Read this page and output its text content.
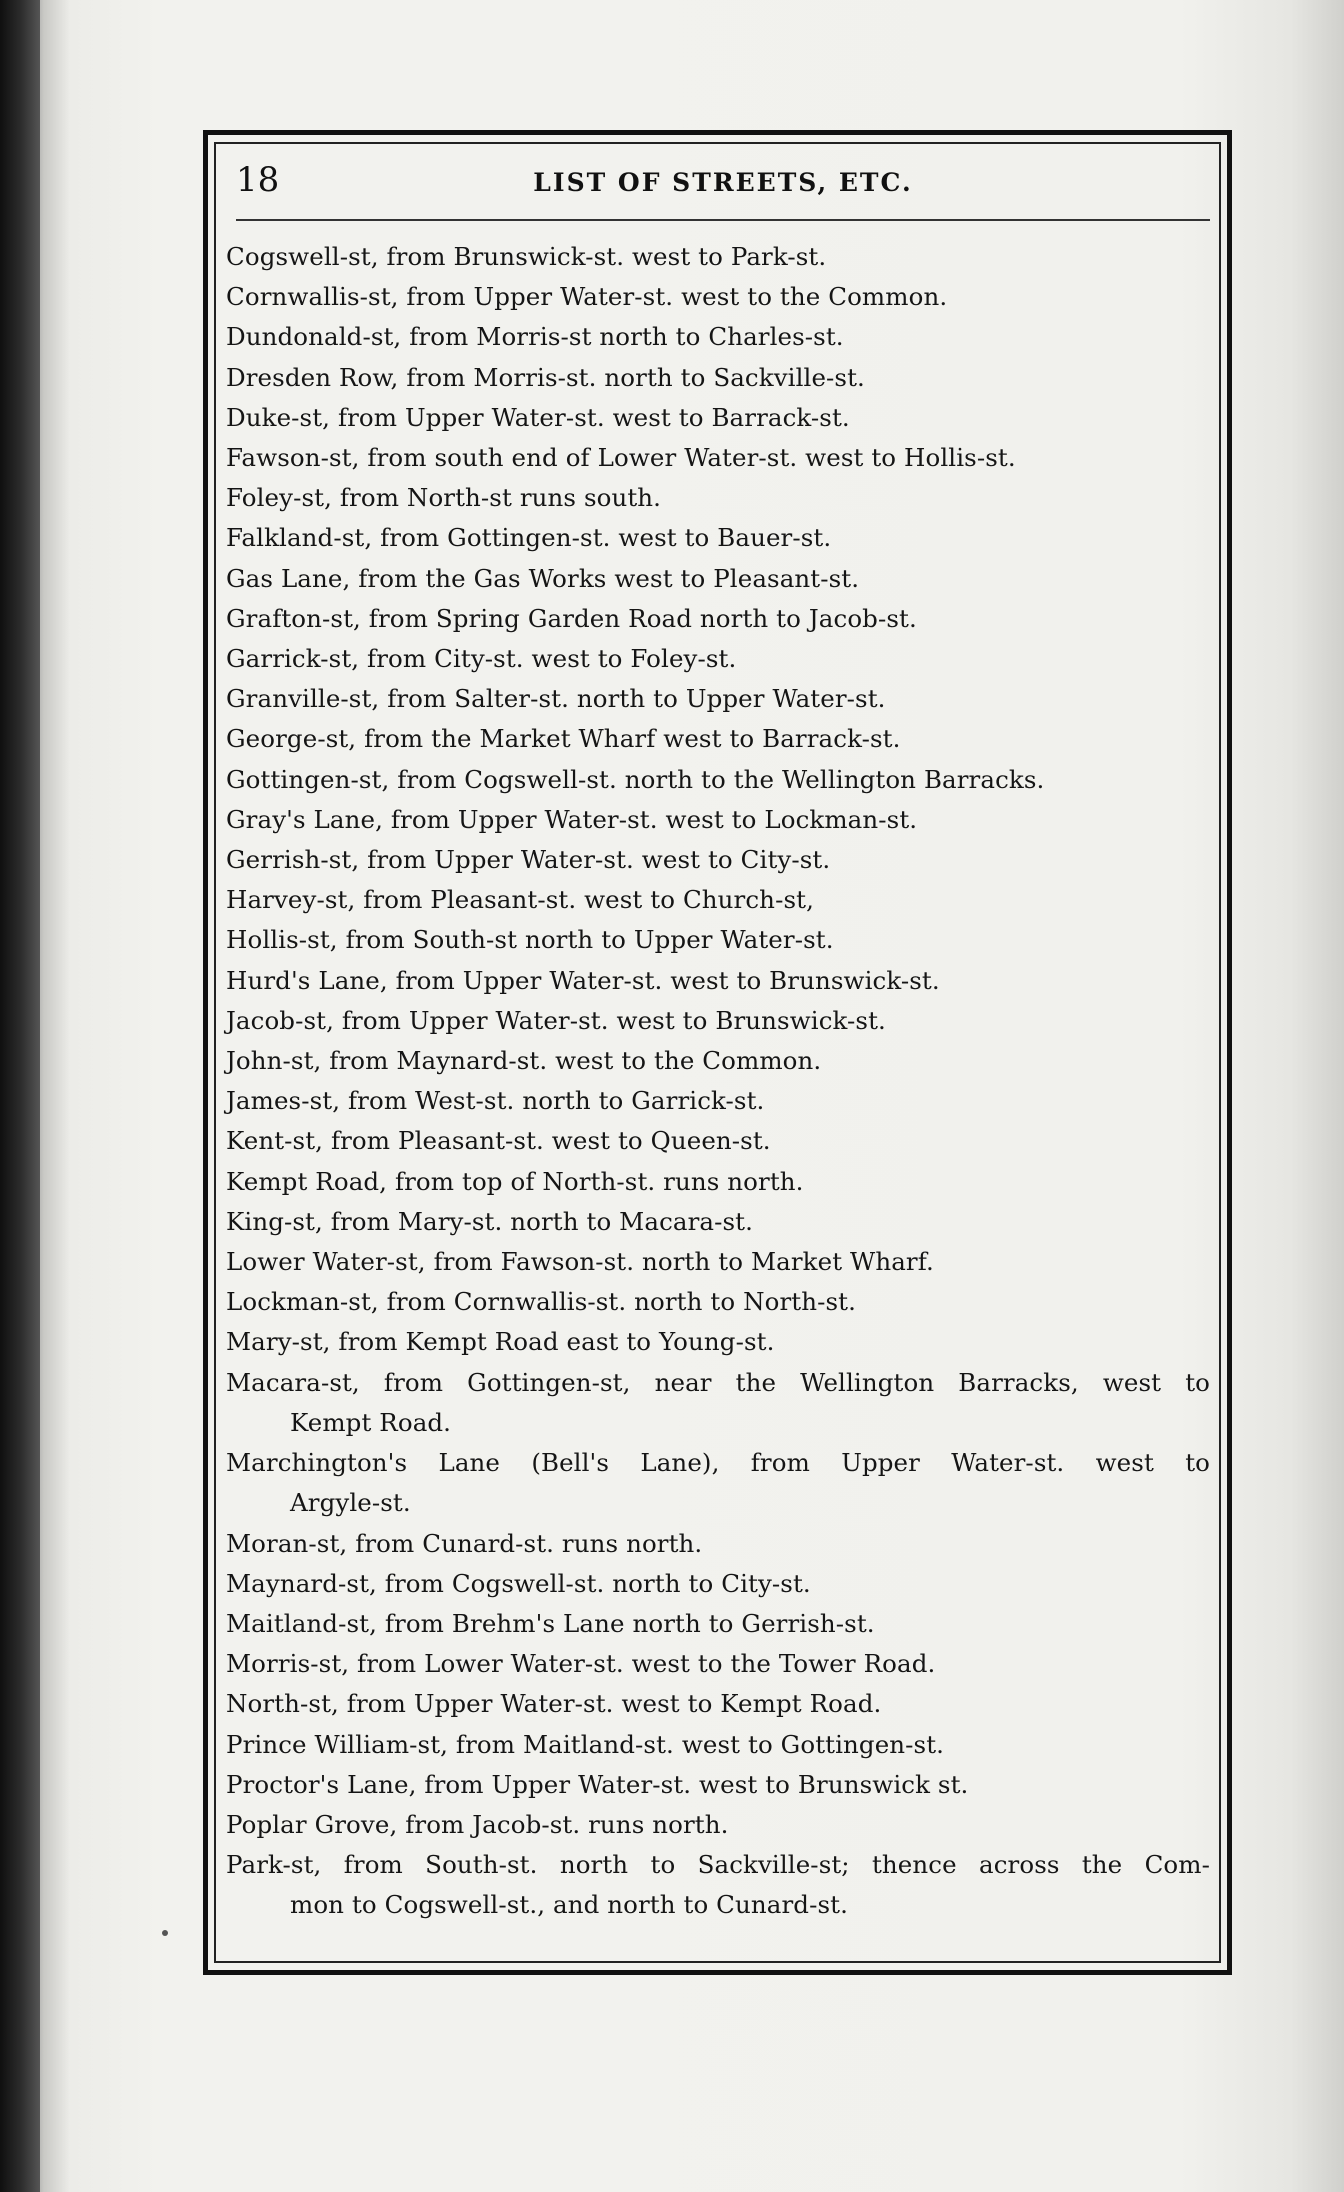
18	LIST OF STREETS, ETC.
Cogswell-st, from Brunswick-st. west to Park-st.
Cornwallis-st, from Upper Water-st. west to the Common.
Dundonald-st, from Morris-st north to Charles-st.
Dresden Row, from Morris-st. north to Sackville-st.
Duke-st, from Upper Water-st. west to Barrack-st.
Fawson-st, from south end of Lower Water-st. west to Hollis-st.
Foley-st, from North-st runs south.
Falkland-st, from Gottingen-st. west to Bauer-st.
Gas Lane, from the Gas Works west to Pleasant-st.
Grafton-st, from Spring Garden Road north to Jacob-st.
Garrick-st, from City-st. west to Foley-st.
Granville-st, from Salter-st. north to Upper Water-st.
George-st, from the Market Wharf west to Barrack-st.
Gottingen-st, from Cogswell-st. north to the Wellington Barracks.
Gray's Lane, from Upper Water-st. west to Lockman-st.
Gerrish-st, from Upper Water-st. west to City-st.
Harvey-st, from Pleasant-st. west to Church-st,
Hollis-st, from South-st north to Upper Water-st.
Hurd's Lane, from Upper Water-st. west to Brunswick-st.
Jacob-st, from Upper Water-st. west to Brunswick-st.
John-st, from Maynard-st. west to the Common.
James-st, from West-st. north to Garrick-st.
Kent-st, from Pleasant-st. west to Queen-st.
Kempt Road, from top of North-st. runs north.
King-st, from Mary-st. north to Macara-st.
Lower Water-st, from Fawson-st. north to Market Wharf.
Lockman-st, from Cornwallis-st. north to North-st.
Mary-st, from Kempt Road east to Young-st.
Macara-st, from Gottingen-st, near the Wellington Barracks, west to
Kempt Road.
Marchington's Lane (Bell's Lane), from Upper Water-st. west to
Argyle-st.
Moran-st, from Cunard-st. runs north.
Maynard-st, from Cogswell-st. north to City-st.
Maitland-st, from Brehm's Lane north to Gerrish-st.
Morris-st, from Lower Water-st. west to the Tower Road.
North-st, from Upper Water-st. west to Kempt Road.
Prince William-st, from Maitland-st. west to Gottingen-st.
Proctor's Lane, from Upper Water-st. west to Brunswick st.
Poplar Grove, from Jacob-st. runs north.
Park-st, from South-st. north to Sackville-st; thence across the Com-
mon to Cogswell-st., and north to Cunard-st.
